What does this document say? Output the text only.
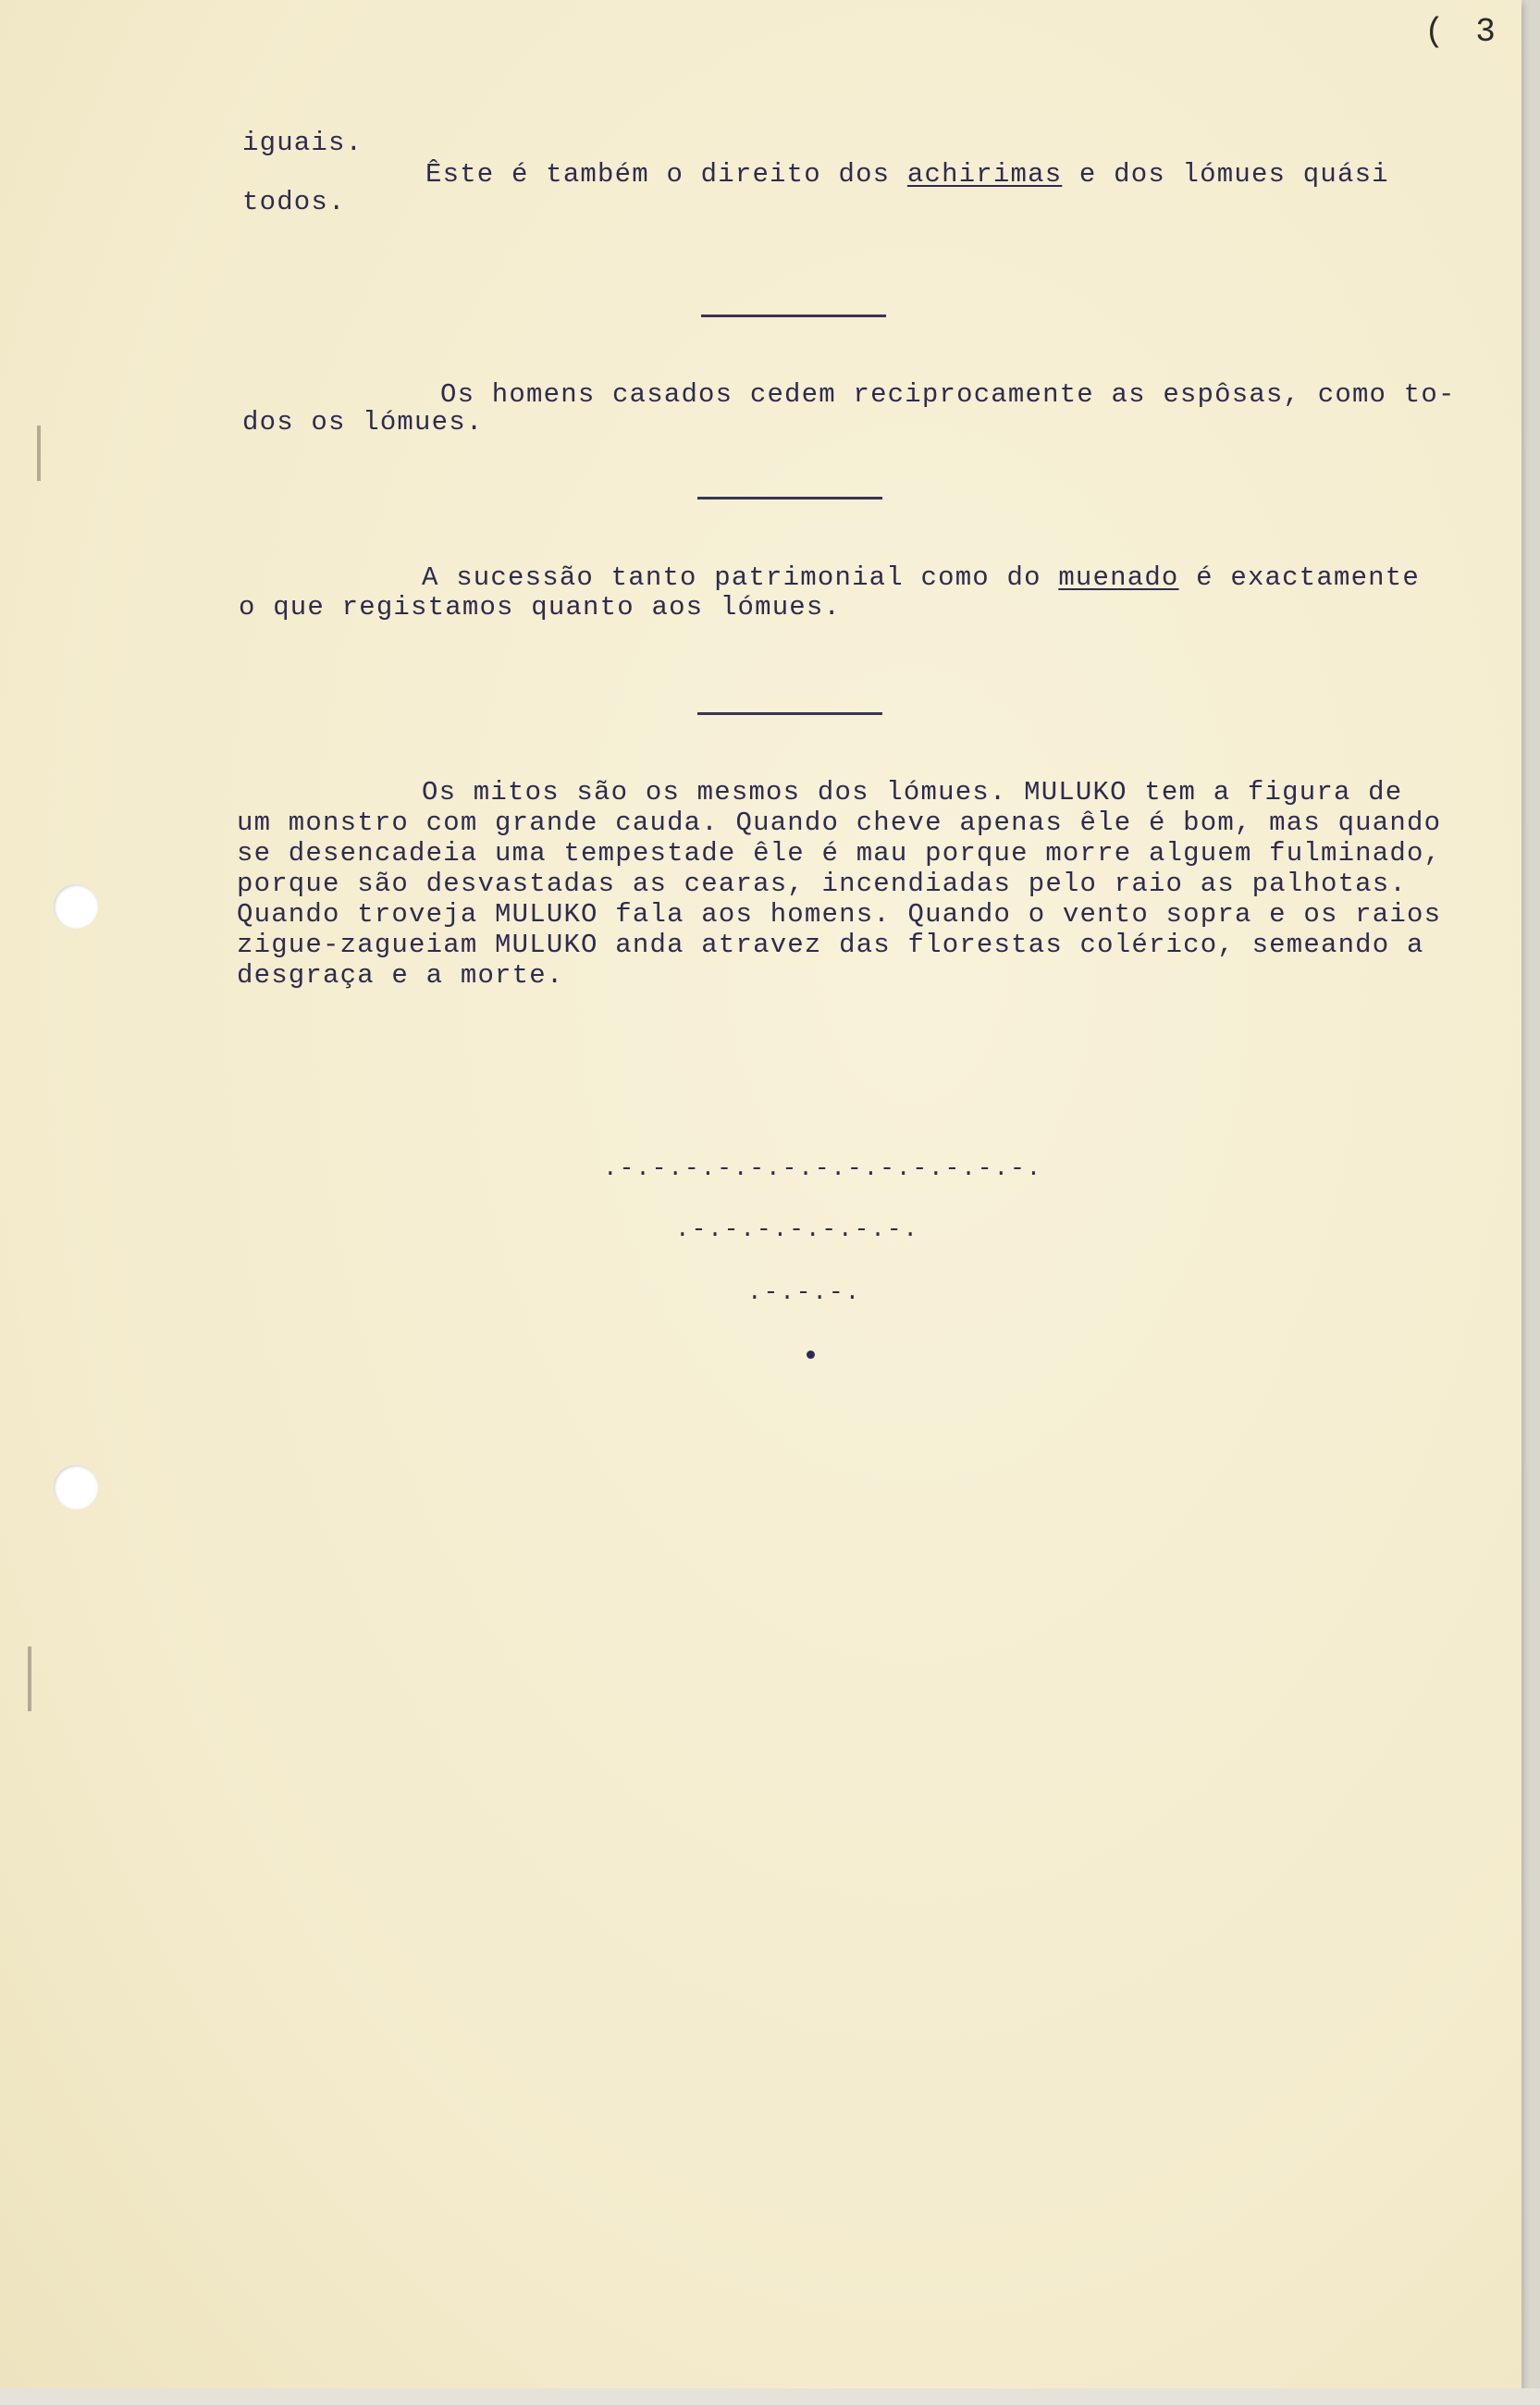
( 3
iguais.
Êste é também o direito dos achirimas e dos lómues quási
todos.
Os homens casados cedem reciprocamente as espôsas, como to-
dos os lómues.
A sucessão tanto patrimonial como do muenado é exactamente
o que registamos quanto aos lómues.
Os mitos são os mesmos dos lómues. MULUKO tem a figura de
um monstro com grande cauda. Quando cheve apenas êle é bom, mas quando
se desencadeia uma tempestade êle é mau porque morre alguem fulminado,
porque são desvastadas as cearas, incendiadas pelo raio as palhotas.
Quando troveja MULUKO fala aos homens. Quando o vento sopra e os raios
zigue-zagueiam MULUKO anda atravez das florestas colérico, semeando a
desgraça e a morte.
.-.-.-.-.-.-.-.-.-.-.-.-.-.
.-.-.-.-.-.-.-.
.-.-.-.
